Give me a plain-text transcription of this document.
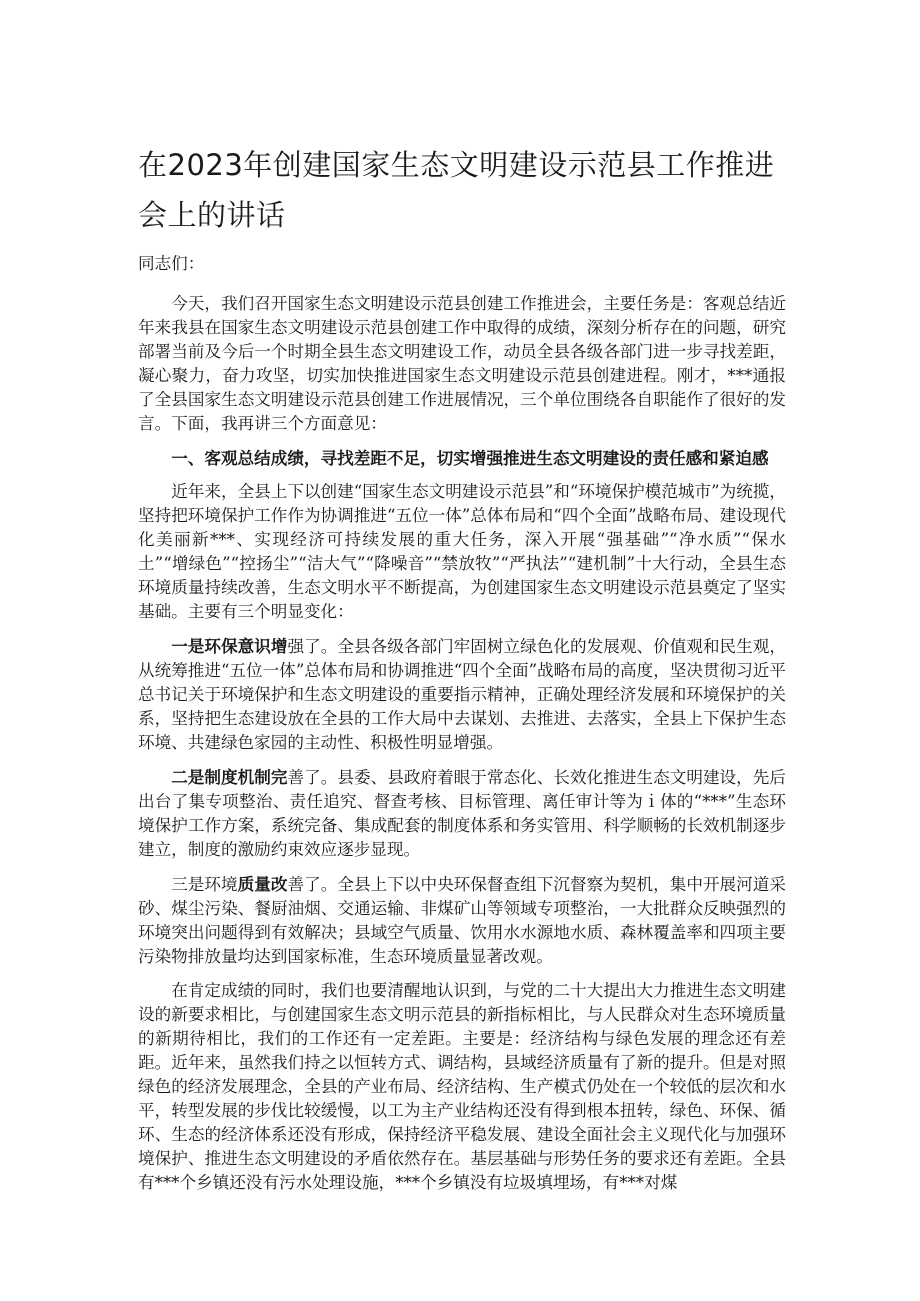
在2023年创建国家生态文明建设示范县工作推进会上的讲话

同志们：

今天，我们召开国家生态文明建设示范县创建工作推进会，主要任务是：客观总结近年来我县在国家生态文明建设示范县创建工作中取得的成绩，深刻分析存在的问题，研究部署当前及今后一个时期全县生态文明建设工作，动员全县各级各部门进一步寻找差距，凝心聚力，奋力攻坚，切实加快推进国家生态文明建设示范县创建进程。刚才，***通报了全县国家生态文明建设示范县创建工作进展情况，三个单位围绕各自职能作了很好的发言。下面，我再讲三个方面意见：

一、客观总结成绩，寻找差距不足，切实增强推进生态文明建设的责任感和紧迫感

近年来，全县上下以创建“国家生态文明建设示范县”和“环境保护模范城市”为统揽，坚持把环境保护工作作为协调推进“五位一体”总体布局和“四个全面”战略布局、建设现代化美丽新***、实现经济可持续发展的重大任务，深入开展“强基础”“净水质”“保水土”“增绿色”“控扬尘”“洁大气”“降噪音”“禁放牧”“严执法”“建机制”十大行动，全县生态环境质量持续改善，生态文明水平不断提高，为创建国家生态文明建设示范县奠定了坚实基础。主要有三个明显变化：

一是环保意识增强了。全县各级各部门牢固树立绿色化的发展观、价值观和民生观，从统筹推进“五位一体”总体布局和协调推进“四个全面”战略布局的高度，坚决贯彻习近平总书记关于环境保护和生态文明建设的重要指示精神，正确处理经济发展和环境保护的关系，坚持把生态建设放在全县的工作大局中去谋划、去推进、去落实，全县上下保护生态环境、共建绿色家园的主动性、积极性明显增强。

二是制度机制完善了。县委、县政府着眼于常态化、长效化推进生态文明建设，先后出台了集专项整治、责任追究、督查考核、目标管理、离任审计等为ｉ体的“***”生态环境保护工作方案，系统完备、集成配套的制度体系和务实管用、科学顺畅的长效机制逐步建立，制度的激励约束效应逐步显现。

三是环境质量改善了。全县上下以中央环保督查组下沉督察为契机，集中开展河道采砂、煤尘污染、餐厨油烟、交通运输、非煤矿山等领域专项整治，一大批群众反映强烈的环境突出问题得到有效解决；县域空气质量、饮用水水源地水质、森林覆盖率和四项主要污染物排放量均达到国家标准，生态环境质量显著改观。

在肯定成绩的同时，我们也要清醒地认识到，与党的二十大提出大力推进生态文明建设的新要求相比，与创建国家生态文明示范县的新指标相比，与人民群众对生态环境质量的新期待相比，我们的工作还有一定差距。主要是：经济结构与绿色发展的理念还有差距。近年来，虽然我们持之以恒转方式、调结构，县域经济质量有了新的提升。但是对照绿色的经济发展理念，全县的产业布局、经济结构、生产模式仍处在一个较低的层次和水平，转型发展的步伐比较缓慢，以工为主产业结构还没有得到根本扭转，绿色、环保、循环、生态的经济体系还没有形成，保持经济平稳发展、建设全面社会主义现代化与加强环境保护、推进生态文明建设的矛盾依然存在。基层基础与形势任务的要求还有差距。全县有***个乡镇还没有污水处理设施，***个乡镇没有垃圾填埋场，有***对煤
